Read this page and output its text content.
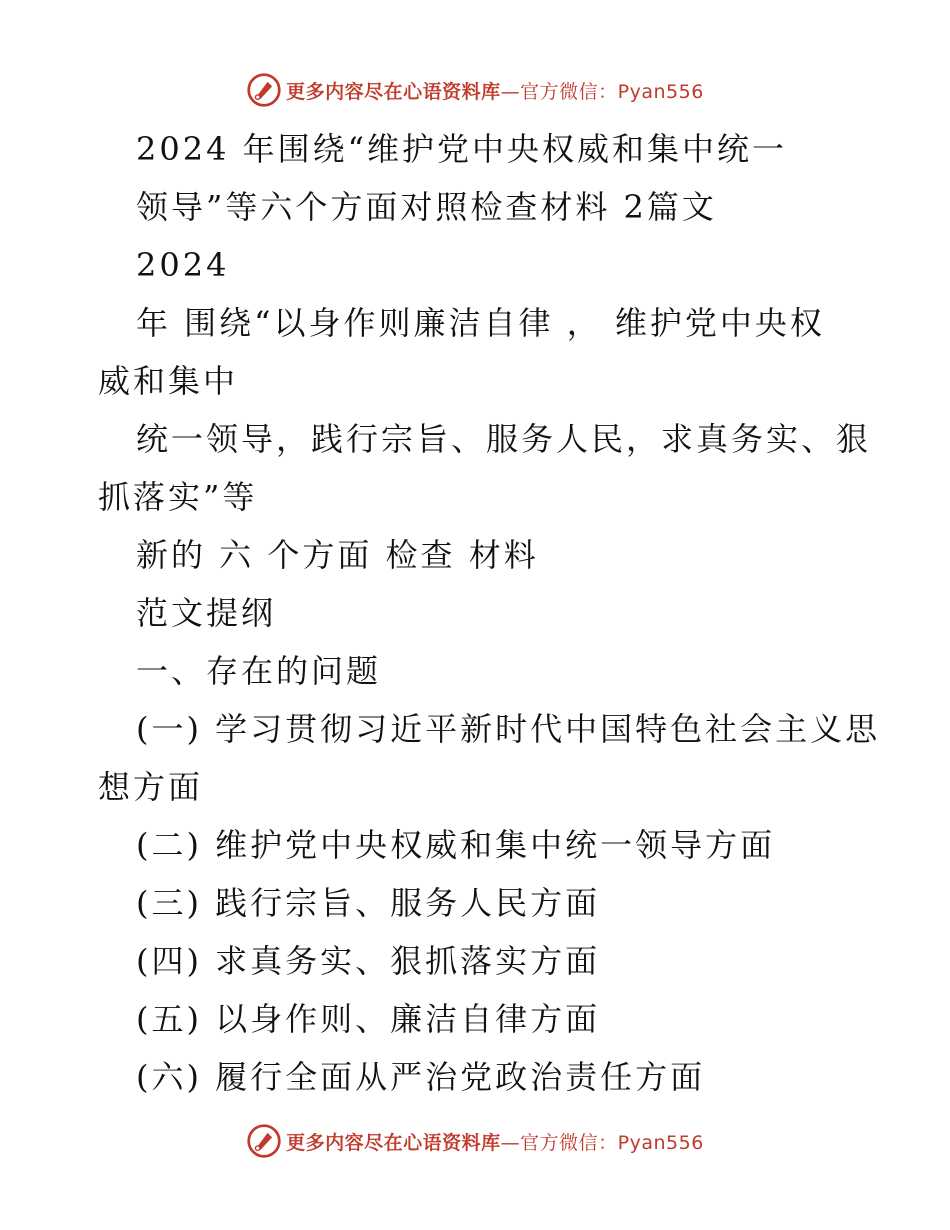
更多内容尽在心语资料库 —官方微信：Pyan556
2024 年围绕“维护党中央权威和集中统一
领导”等六个方面对照检查材料 2篇文
2024
年 围绕“以身作则廉洁自律 ， 维护党中央权
威和集中
统一领导，践行宗旨、服务人民，求真务实、狠
抓落实”等
新的 六 个方面 检查 材料
范文提纲
一、存在的问题
(一) 学习贯彻习近平新时代中国特色社会主义思
想方面
(二) 维护党中央权威和集中统一领导方面
(三) 践行宗旨、服务人民方面
(四) 求真务实、狠抓落实方面
(五) 以身作则、廉洁自律方面
(六) 履行全面从严治党政治责任方面
更多内容尽在心语资料库 —官方微信：Pyan556
